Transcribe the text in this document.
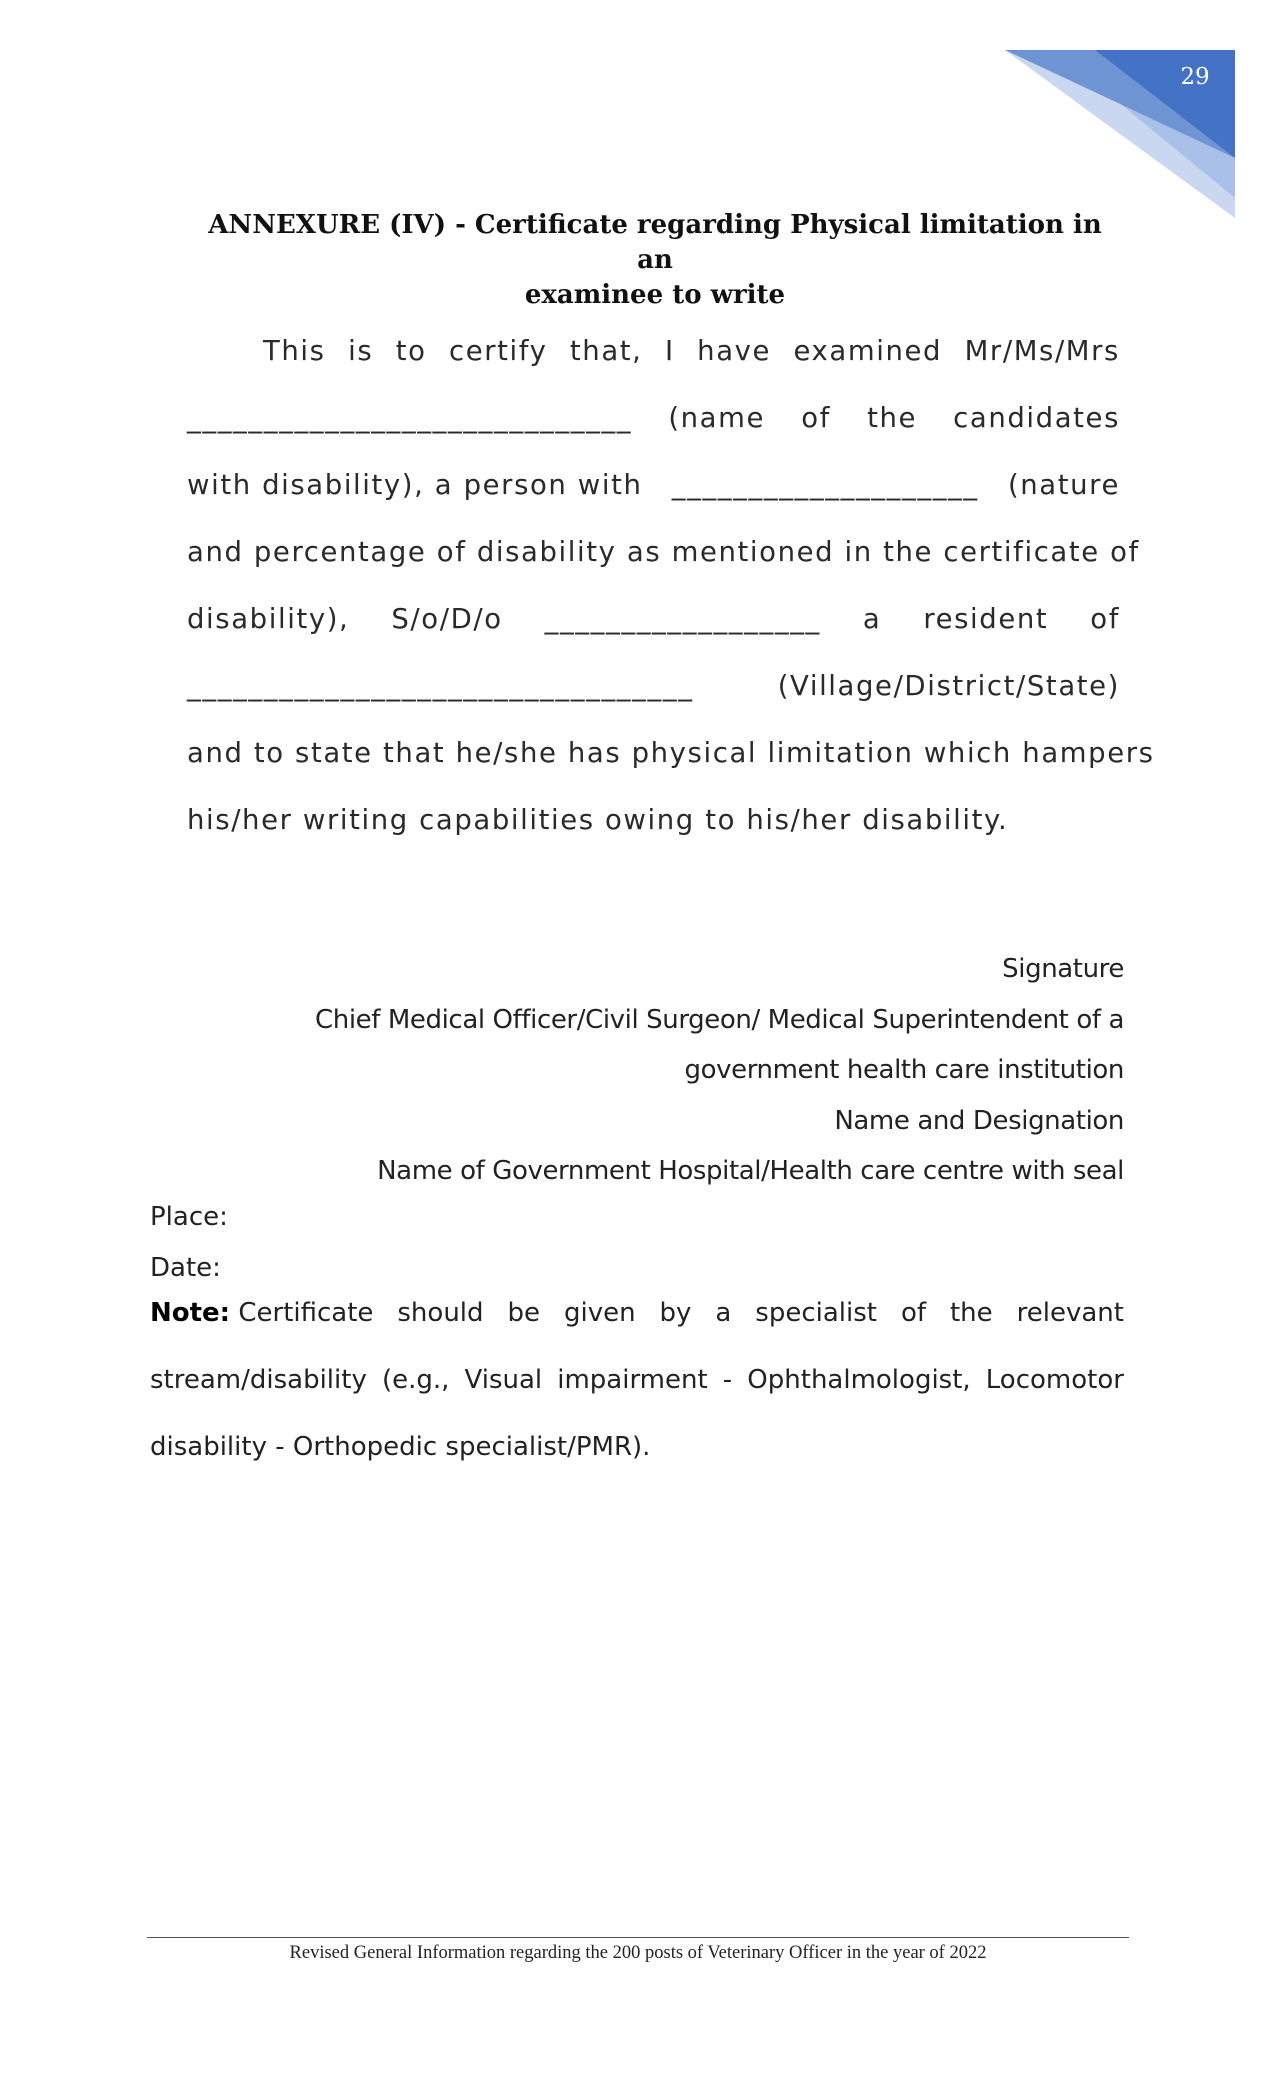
29
ANNEXURE (IV) - Certificate regarding Physical limitation in an
examinee to write
This is to certify that, I have examined Mr/Ms/Mrs
_____________________________ (name of the candidates
with disability), a person with ____________________ (nature
and percentage of disability as mentioned in the certificate of
disability), S/o/D/o __________________ a resident of
_________________________________	(Village/District/State)
and to state that he/she has physical limitation which hampers
his/her writing capabilities owing to his/her disability.
Signature
Chief Medical Officer/Civil Surgeon/ Medical Superintendent of a
government health care institution
Name and Designation
Name of Government Hospital/Health care centre with seal
Place:
Date:
Note: Certificate should be given by a specialist of the relevant
stream/disability (e.g., Visual impairment - Ophthalmologist, Locomotor
disability - Orthopedic specialist/PMR).
Revised General Information regarding the 200 posts of Veterinary Officer in the year of 2022
